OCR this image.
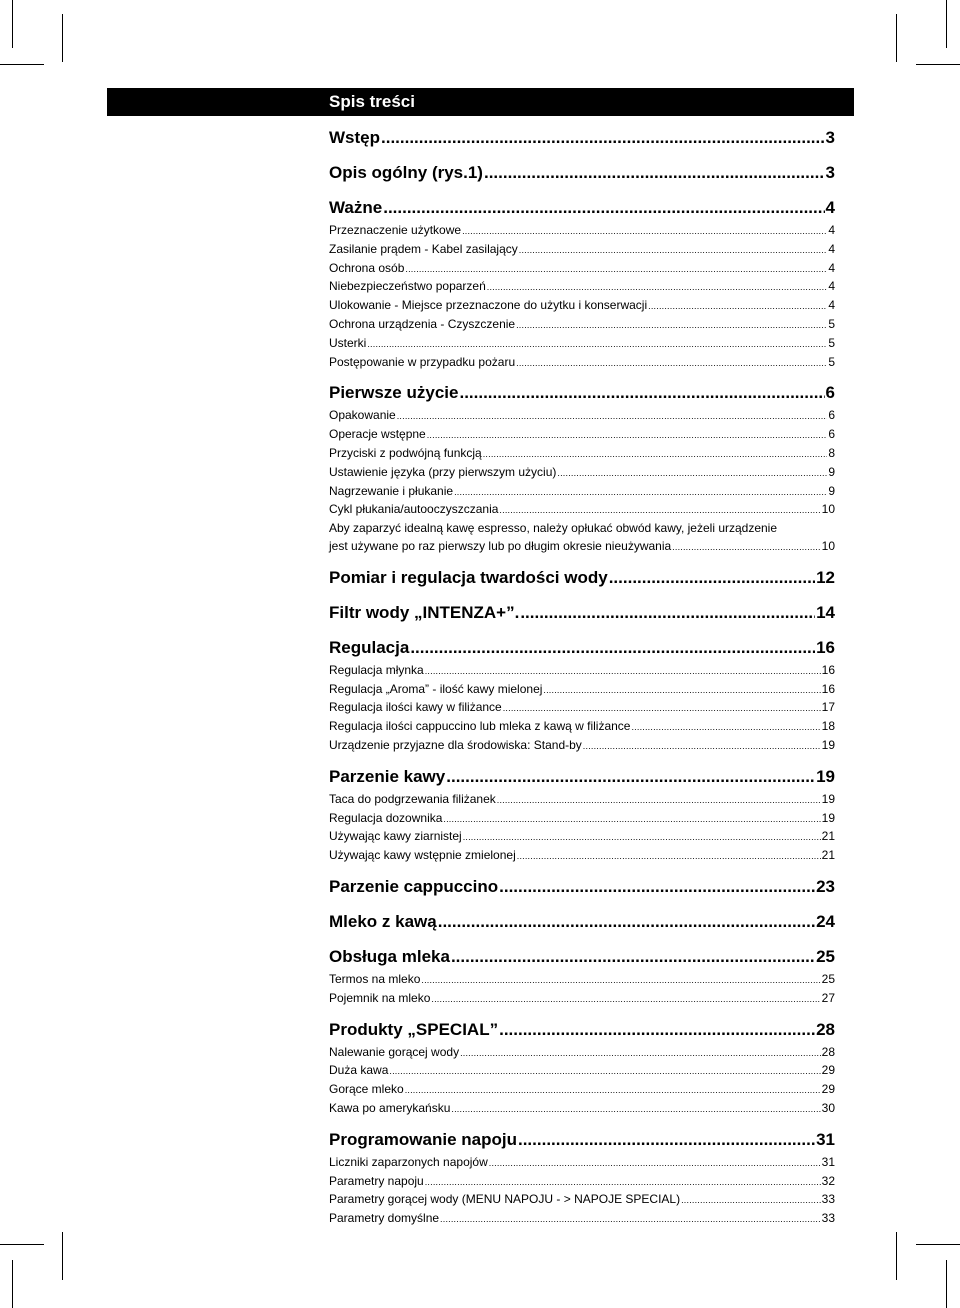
Spis treści
Wstęp .....	3
Opis ogólny (rys.1) .....	3
Ważne .....	4
Przeznaczenie użytkowe .....	4
Zasilanie prądem - Kabel zasilający .....	4
Ochrona osób .....	4
Niebezpieczeństwo poparzeń .....	4
Ulokowanie - Miejsce przeznaczone do użytku i konserwacji .....	4
Ochrona urządzenia - Czyszczenie .....	5
Usterki .....	5
Postępowanie w przypadku pożaru .....	5
Pierwsze użycie .....	6
Opakowanie .....	6
Operacje wstępne .....	6
Przyciski z podwójną funkcją .....	8
Ustawienie języka (przy pierwszym użyciu) .....	9
Nagrzewanie i płukanie .....	9
Cykl płukania/autooczyszczania .....	10
Aby zaparzyć idealną kawę espresso, należy opłukać obwód kawy, jeżeli urządzenie
jest używane po raz pierwszy lub po długim okresie nieużywania .....	10
Pomiar i regulacja twardości wody .....	12
Filtr wody „INTENZA+”. .....	14
Regulacja .....	16
Regulacja młynka .....	16
Regulacja „Aroma” - ilość kawy mielonej .....	16
Regulacja ilości kawy w filiżance .....	17
Regulacja ilości cappuccino lub mleka z kawą w filiżance .....	18
Urządzenie przyjazne dla środowiska: Stand-by .....	19
Parzenie kawy .....	19
Taca do podgrzewania filiżanek .....	19
Regulacja dozownika .....	19
Używając kawy ziarnistej .....	21
Używając kawy wstępnie zmielonej .....	21
Parzenie cappuccino .....	23
Mleko z kawą .....	24
Obsługa mleka .....	25
Termos na mleko .....	25
Pojemnik na mleko .....	27
Produkty „SPECIAL” .....	28
Nalewanie gorącej wody .....	28
Duża kawa .....	29
Gorące mleko .....	29
Kawa po amerykańsku .....	30
Programowanie napoju .....	31
Liczniki zaparzonych napojów .....	31
Parametry napoju .....	32
Parametry gorącej wody (MENU NAPOJU - > NAPOJE SPECIAL) .....	33
Parametry domyślne .....	33
